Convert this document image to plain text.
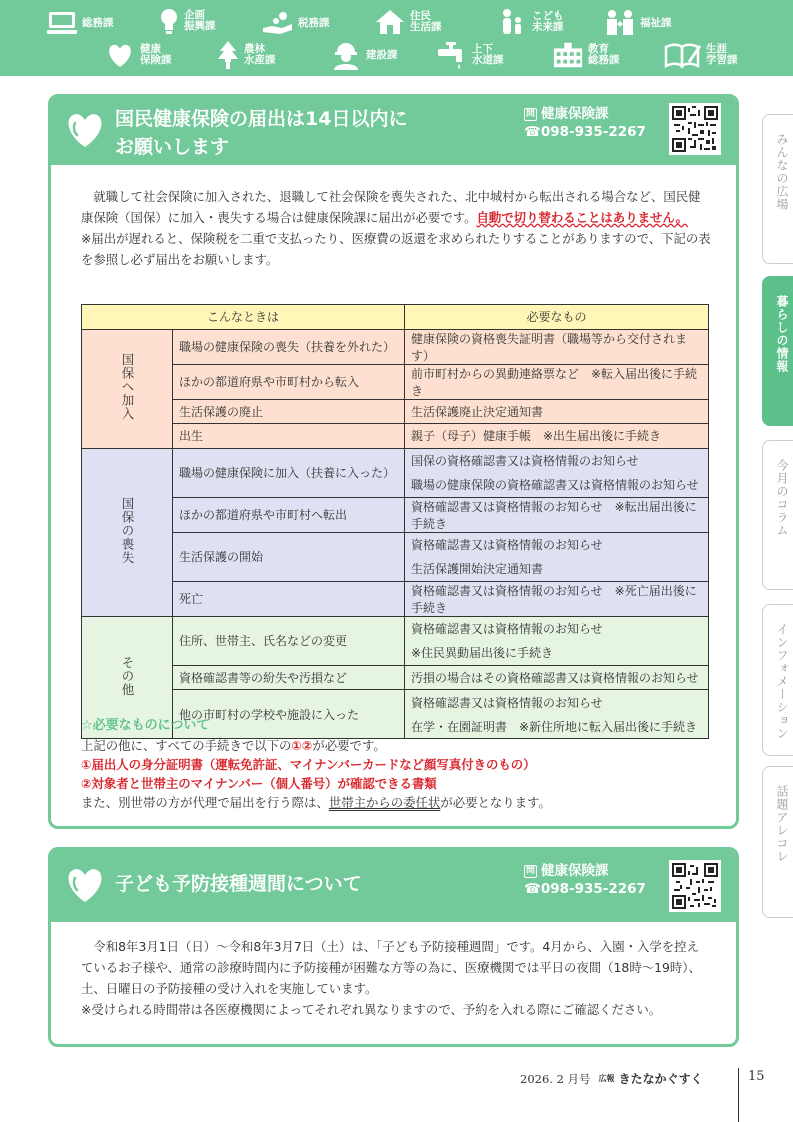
総務課
企画
振興課	税務課
住民
生活課
こども
未来課	福祉課
健康
保険課
農林
水産課	建設課	上下
水道課
教育
総務課
生涯
学習課
みんなの広場
暮らしの情報
今月のコラム
インフォメーション
話題アレコレ
国民健康保険の届出は14日以内に
お願いします
問 健康保険課
☎098-935-2267

　就職して社会保険に加入された、退職して社会保険を喪失された、北中城村から転出される場合など、国民健康保険（国保）に加入・喪失する場合は健康保険課に届出が必要です。自動で切り替わることはありません。

※届出が遅れると、保険税を二重で支払ったり、医療費の返還を求められたりすることがありますので、下記の表を参照し必ず届出をお願いします。

こんなときは		必要なもの
国保へ加入	職場の健康保険の喪失（扶養を外れた）	健康保険の資格喪失証明書（職場等から交付されます）
	ほかの都道府県や市町村から転入	前市町村からの異動連絡票など　※転入届出後に手続き
	生活保護の廃止	生活保護廃止決定通知書
	出生	親子（母子）健康手帳　※出生届出後に手続き
国保の喪失	職場の健康保険に加入（扶養に入った）	国保の資格確認書又は資格情報のお知らせ
		職場の健康保険の資格確認書又は資格情報のお知らせ
	ほかの都道府県や市町村へ転出	資格確認書又は資格情報のお知らせ　※転出届出後に手続き
	生活保護の開始	資格確認書又は資格情報のお知らせ
		生活保護開始決定通知書
	死亡	資格確認書又は資格情報のお知らせ　※死亡届出後に手続き
その他	住所、世帯主、氏名などの変更	資格確認書又は資格情報のお知らせ
		※住民異動届出後に手続き
	資格確認書等の紛失や汚損など	汚損の場合はその資格確認書又は資格情報のお知らせ
	他の市町村の学校や施設に入った	資格確認書又は資格情報のお知らせ
		在学・在園証明書　※新住所地に転入届出後に手続き
☆必要なものについて
上記の他に、すべての手続きで以下の①②が必要です。
①届出人の身分証明書（運転免許証、マイナンバーカードなど顔写真付きのもの）
②対象者と世帯主のマイナンバー（個人番号）が確認できる書類
また、別世帯の方が代理で届出を行う際は、世帯主からの委任状が必要となります。
子ども予防接種週間について
問 健康保険課
☎098-935-2267

　令和8年3月1日（日）～令和8年3月7日（土）は、「子ども予防接種週間」です。4月から、入園・入学を控えているお子様や、通常の診療時間内に予防接種が困難な方等の為に、医療機関では平日の夜間（18時～19時）、土、日曜日の予防接種の受け入れを実施しています。

※受けられる時間帯は各医療機関によってそれぞれ異なりますので、予約を入れる際にご確認ください。

2026. 2 月号 広報 きたなかぐすく	15
